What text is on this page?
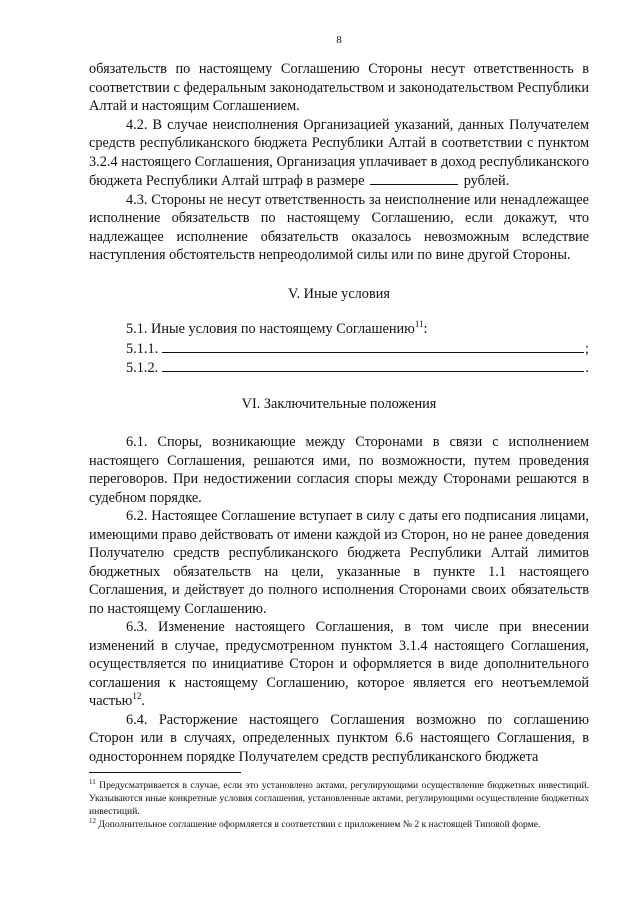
8

обязательств по настоящему Соглашению Стороны несут ответственность в соответствии с федеральным законодательством и законодательством Республики Алтай и настоящим Соглашением.

4.2. В случае неисполнения Организацией указаний, данных Получателем средств республиканского бюджета Республики Алтай в соответствии с пунктом 3.2.4 настоящего Соглашения, Организация уплачивает в доход республиканского бюджета Республики Алтай штраф в размере	рублей.

4.3. Стороны не несут ответственность за неисполнение или ненадлежащее исполнение обязательств по настоящему Соглашению, если докажут, что надлежащее исполнение обязательств оказалось невозможным вследствие наступления обстоятельств непреодолимой силы или по вине другой Стороны.

V. Иные условия

5.1. Иные условия по настоящему Соглашению$^{11}$:

5.1.1.	;
5.1.2.	.
VI. Заключительные положения

6.1. Споры, возникающие между Сторонами в связи с исполнением настоящего Соглашения, решаются ими, по возможности, путем проведения переговоров. При недостижении согласия споры между Сторонами решаются в судебном порядке.

6.2. Настоящее Соглашение вступает в силу с даты его подписания лицами, имеющими право действовать от имени каждой из Сторон, но не ранее доведения Получателю средств республиканского бюджета Республики Алтай лимитов бюджетных обязательств на цели, указанные в пункте 1.1 настоящего Соглашения, и действует до полного исполнения Сторонами своих обязательств по настоящему Соглашению.

6.3. Изменение настоящего Соглашения, в том числе при внесении изменений в случае, предусмотренном пунктом 3.1.4 настоящего Соглашения, осуществляется по инициативе Сторон и оформляется в виде дополнительного соглашения к настоящему Соглашению, которое является его неотъемлемой частью$^{12}$.

6.4. Расторжение настоящего Соглашения возможно по соглашению Сторон или в случаях, определенных пунктом 6.6 настоящего Соглашения, в одностороннем порядке Получателем средств республиканского бюджета

$^{11}$ Предусматривается в случае, если это установлено актами, регулирующими осуществление бюджетных инвестиций. Указываются иные конкретные условия соглашения, установленные актами, регулирующими осуществление бюджетных инвестиций.

$^{12}$ Дополнительное соглашение оформляется в соответствии с приложением № 2 к настоящей Типовой форме.
